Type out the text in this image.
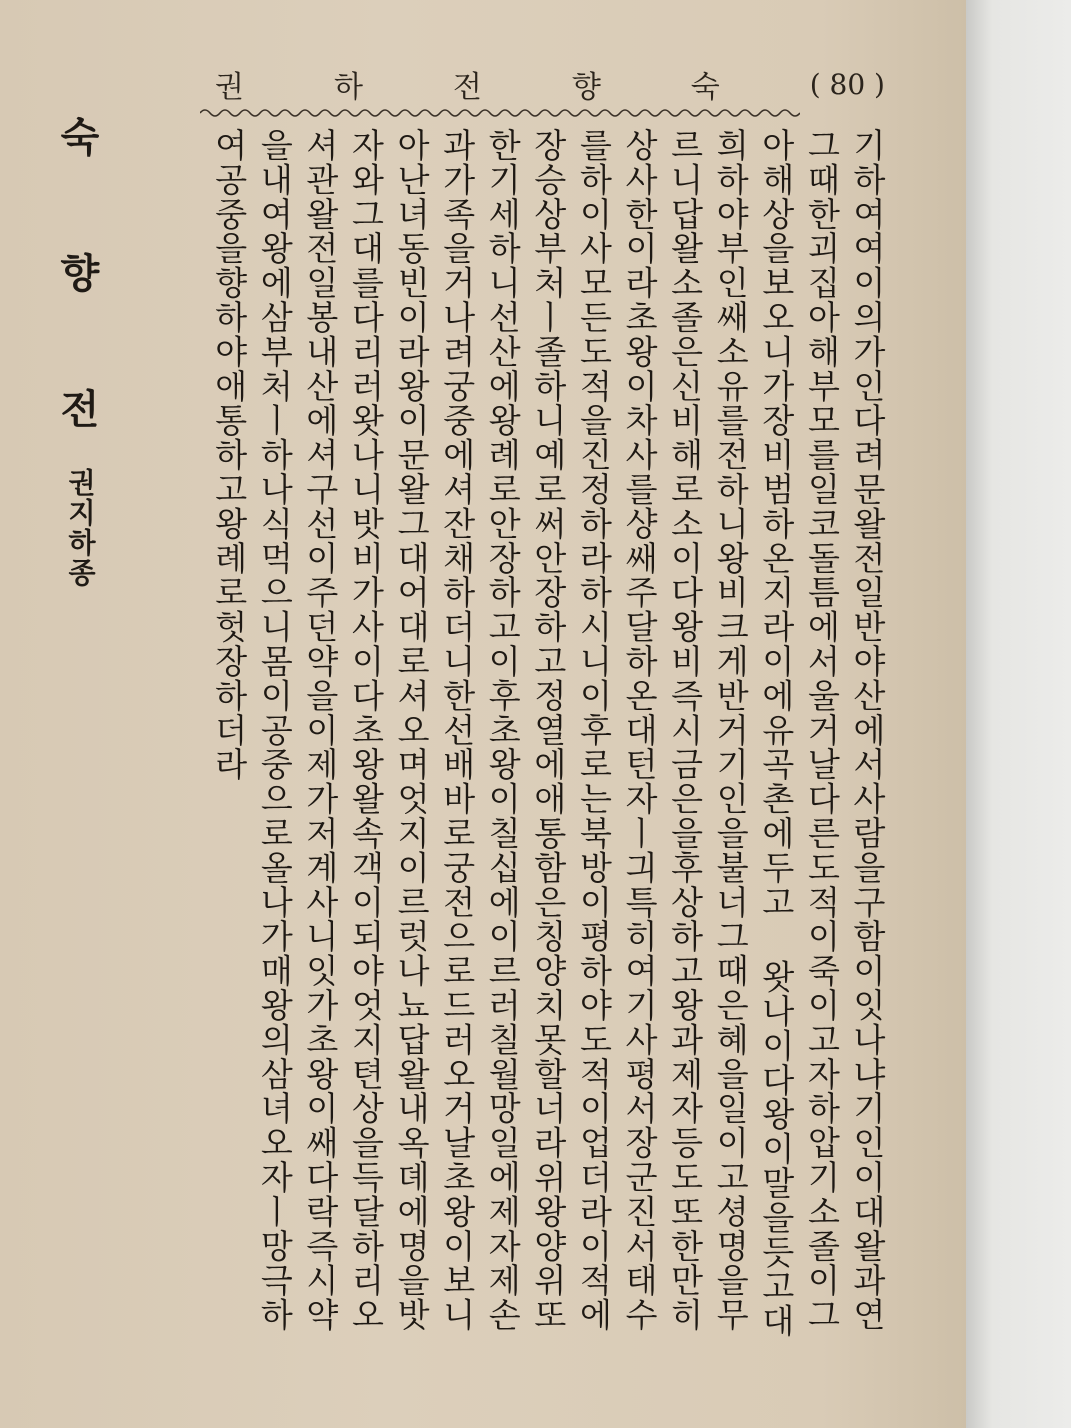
권	하	전	향	숙	( 80 )
숙
향
전
권지하종	기하여여이의가인다려문왈전일반야산에서사람을구함이잇나냐기인이대왈과연
그때한괴집아해부모를일코돌틈에서울거날다른도적이죽이고자하압기소졸이그
아해상을보오니가장비범하온지라이에유곡촌에두고 왓나이다왕이말을듯고대
희하야부인쌔소유를전하니왕비크게반거기인을불너그때은혜을일이고셩명을무
르니답왈소졸은신비해로소이다왕비즉시금은을후상하고왕과제자등도또한만히
상사한이라초왕이차사를샹쌔주달하온대턴자ㅣ긔특히여기사평서장군진서태수
를하이사모든도적을진정하라하시니이후로는북방이평하야도적이업더라이적에
장승상부처ㅣ졸하니예로써안장하고정열에애통함은칭양치못할너라위왕양위또
한기세하니선산에왕례로안장하고이후초왕이칠십에이르러칠월망일에제자제손
과가족을거나려궁중에셔잔채하더니한선배바로궁전으로드러오거날초왕이보니
아난녀동빈이라왕이문왈그대어대로셔오며엇지이르럿나뇨답왈내옥뎨에명을밧
자와그대를다리러왓나니밧비가사이다초왕왈속객이되야엇지텬상을득달하리오
셔관왈전일봉내산에셔구선이주던약을이제가저계사니잇가초왕이쌔다락즉시약
을내여왕에삼부처ㅣ하나식먹으니몸이공중으로올나가매왕의삼녀오자ㅣ망극하
여공중을향하야애통하고왕례로헛장하더라
